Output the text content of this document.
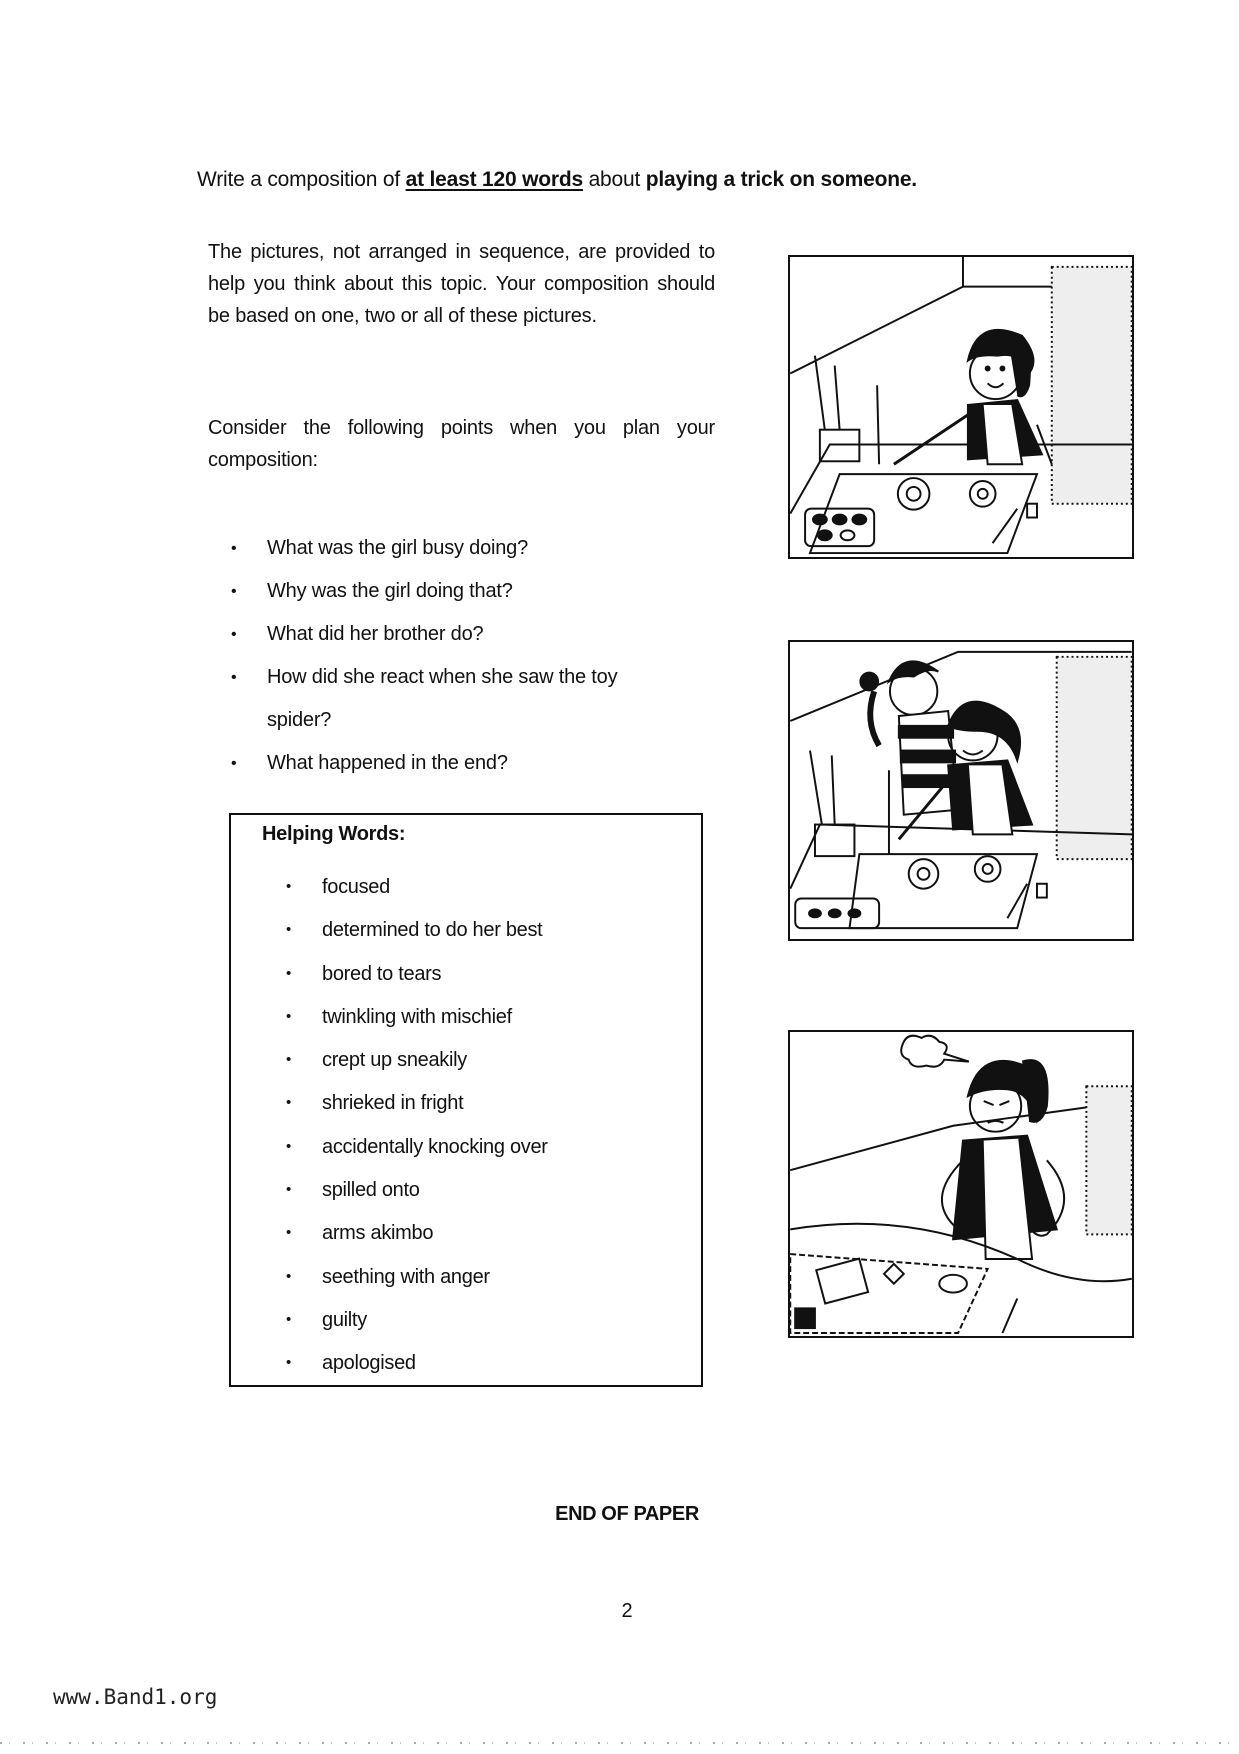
Write a composition of at least 120 words about playing a trick on someone.
The pictures, not arranged in sequence, are provided to help you think about this topic. Your composition should be based on one, two or all of these pictures.
Consider the following points when you plan your composition:
• What was the girl busy doing?
• Why was the girl doing that?
• What did her brother do?
• How did she react when she saw the toy spider?
• What happened in the end?
Helping Words:
• focused
• determined to do her best
• bored to tears
• twinkling with mischief
• crept up sneakily
• shrieked in fright
• accidentally knocking over
• spilled onto
• arms akimbo
• seething with anger
• guilty
• apologised
END OF PAPER
2
www.Band1.org
